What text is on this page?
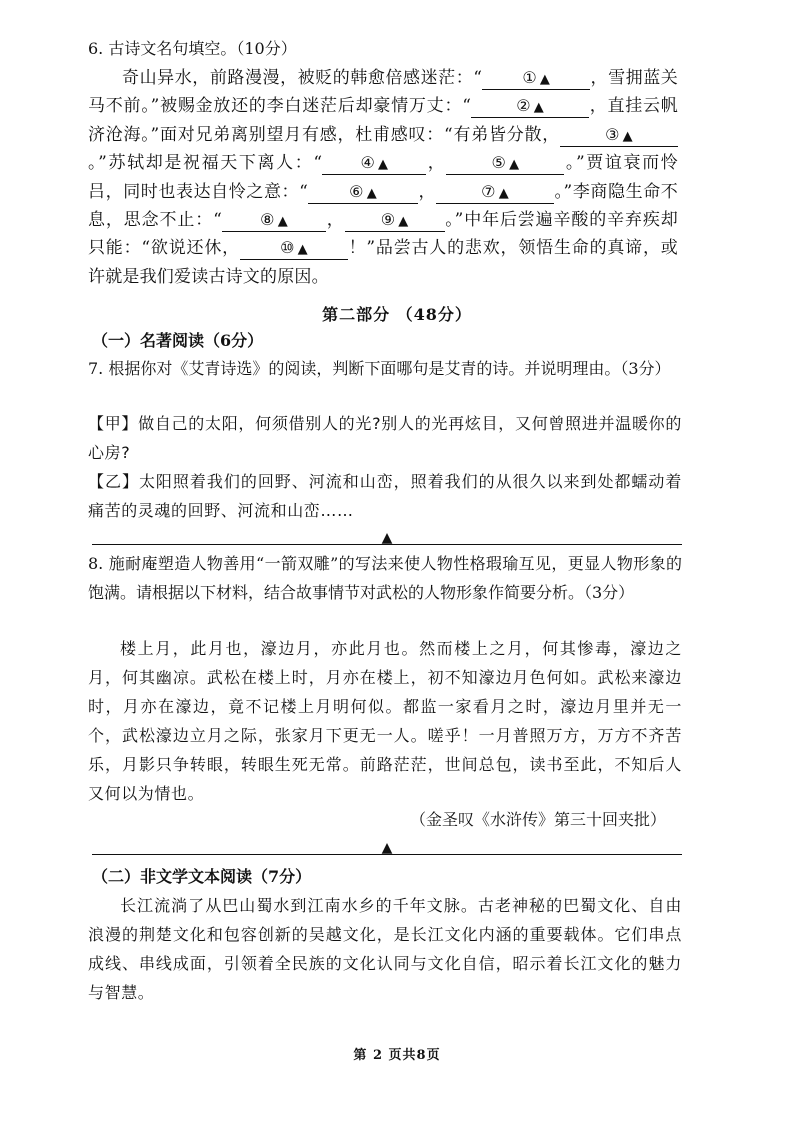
6. 古诗文名句填空。（10分）
奇山异水，前路漫漫，被贬的韩愈倍感迷茫：“	① ▲ ，雪拥蓝关马不前。”被赐金放还的李白迷茫后却豪情万丈：“	② ▲	，直挂云帆济沧海。”面对兄弟离别望月有感，杜甫感叹：“有弟皆分散，	③ ▲。”苏轼却是祝福天下离人：“ ④ ▲ ，	⑤ ▲	。”贾谊衰而怜吕，同时也表达自怜之意：“	⑥ ▲ ，	⑦ ▲	。”李商隐生命不息，思念不止：“ ⑧ ▲ ， ⑨ ▲ 。”中年后尝遍辛酸的辛弃疾却只能：“欲说还休，	⑩ ▲ ！”品尝古人的悲欢，领悟生命的真谛，或许就是我们爱读古诗文的原因。
第二部分 （48分）
（一）名著阅读（6分）
7. 根据你对《艾青诗选》的阅读，判断下面哪句是艾青的诗。并说明理由。（3分）
【甲】做自己的太阳，何须借别人的光?别人的光再炫目，又何曾照进并温暖你的心房?
【乙】太阳照着我们的回野、河流和山峦，照着我们的从很久以来到处都蠕动着痛苦的灵魂的回野、河流和山峦……
▲
8. 施耐庵塑造人物善用“一箭双雕”的写法来使人物性格瑕瑜互见，更显人物形象的饱满。请根据以下材料，结合故事情节对武松的人物形象作简要分析。（3分）
楼上月，此月也，濠边月，亦此月也。然而楼上之月，何其惨毒，濠边之月，何其幽凉。武松在楼上时，月亦在楼上，初不知濠边月色何如。武松来濠边时，月亦在濠边，竟不记楼上月明何似。都监一家看月之时，濠边月里并无一个，武松濠边立月之际，张家月下更无一人。嗟乎！一月普照万方，万方不齐苦乐，月影只争转眼，转眼生死无常。前路茫茫，世间总包，读书至此，不知后人又何以为情也。
（金圣叹《水浒传》第三十回夹批）
▲
（二）非文学文本阅读（7分）
长江流淌了从巴山蜀水到江南水乡的千年文脉。古老神秘的巴蜀文化、自由浪漫的荆楚文化和包容创新的吴越文化，是长江文化内涵的重要载体。它们串点成线、串线成面，引领着全民族的文化认同与文化自信，昭示着长江文化的魅力与智慧。
第 2 页共8页
